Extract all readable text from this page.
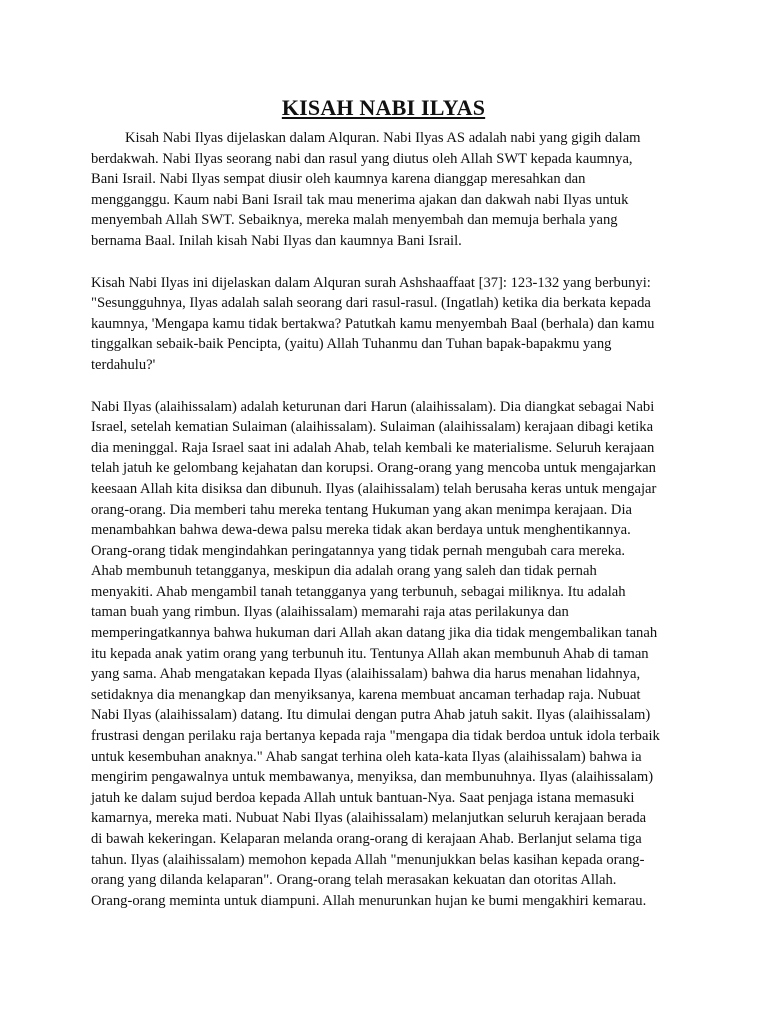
KISAH NABI ILYAS
Kisah Nabi Ilyas dijelaskan dalam Alquran. Nabi Ilyas AS adalah nabi yang gigih dalam
berdakwah. Nabi Ilyas seorang nabi dan rasul yang diutus oleh Allah SWT kepada kaumnya,
Bani Israil. Nabi Ilyas sempat diusir oleh kaumnya karena dianggap meresahkan dan
mengganggu. Kaum nabi Bani Israil tak mau menerima ajakan dan dakwah nabi Ilyas untuk
menyembah Allah SWT. Sebaiknya, mereka malah menyembah dan memuja berhala yang
bernama Baal. Inilah kisah Nabi Ilyas dan kaumnya Bani Israil.
Kisah Nabi Ilyas ini dijelaskan dalam Alquran surah Ashshaaffaat [37]: 123-132 yang berbunyi:
"Sesungguhnya, Ilyas adalah salah seorang dari rasul-rasul. (Ingatlah) ketika dia berkata kepada
kaumnya, 'Mengapa kamu tidak bertakwa? Patutkah kamu menyembah Baal (berhala) dan kamu
tinggalkan sebaik-baik Pencipta, (yaitu) Allah Tuhanmu dan Tuhan bapak-bapakmu yang
terdahulu?'
Nabi Ilyas (alaihissalam) adalah keturunan dari Harun (alaihissalam). Dia diangkat sebagai Nabi
Israel, setelah kematian Sulaiman (alaihissalam). Sulaiman (alaihissalam) kerajaan dibagi ketika
dia meninggal. Raja Israel saat ini adalah Ahab, telah kembali ke materialisme. Seluruh kerajaan
telah jatuh ke gelombang kejahatan dan korupsi. Orang-orang yang mencoba untuk mengajarkan
keesaan Allah kita disiksa dan dibunuh. Ilyas (alaihissalam) telah berusaha keras untuk mengajar
orang-orang. Dia memberi tahu mereka tentang Hukuman yang akan menimpa kerajaan. Dia
menambahkan bahwa dewa-dewa palsu mereka tidak akan berdaya untuk menghentikannya.
Orang-orang tidak mengindahkan peringatannya yang tidak pernah mengubah cara mereka.
Ahab membunuh tetangganya, meskipun dia adalah orang yang saleh dan tidak pernah
menyakiti. Ahab mengambil tanah tetangganya yang terbunuh, sebagai miliknya. Itu adalah
taman buah yang rimbun. Ilyas (alaihissalam) memarahi raja atas perilakunya dan
memperingatkannya bahwa hukuman dari Allah akan datang jika dia tidak mengembalikan tanah
itu kepada anak yatim orang yang terbunuh itu. Tentunya Allah akan membunuh Ahab di taman
yang sama. Ahab mengatakan kepada Ilyas (alaihissalam) bahwa dia harus menahan lidahnya,
setidaknya dia menangkap dan menyiksanya, karena membuat ancaman terhadap raja. Nubuat
Nabi Ilyas (alaihissalam) datang. Itu dimulai dengan putra Ahab jatuh sakit. Ilyas (alaihissalam)
frustrasi dengan perilaku raja bertanya kepada raja "mengapa dia tidak berdoa untuk idola terbaik
untuk kesembuhan anaknya." Ahab sangat terhina oleh kata-kata Ilyas (alaihissalam) bahwa ia
mengirim pengawalnya untuk membawanya, menyiksa, dan membunuhnya. Ilyas (alaihissalam)
jatuh ke dalam sujud berdoa kepada Allah untuk bantuan-Nya. Saat penjaga istana memasuki
kamarnya, mereka mati. Nubuat Nabi Ilyas (alaihissalam) melanjutkan seluruh kerajaan berada
di bawah kekeringan. Kelaparan melanda orang-orang di kerajaan Ahab. Berlanjut selama tiga
tahun. Ilyas (alaihissalam) memohon kepada Allah "menunjukkan belas kasihan kepada orang-
orang yang dilanda kelaparan". Orang-orang telah merasakan kekuatan dan otoritas Allah.
Orang-orang meminta untuk diampuni. Allah menurunkan hujan ke bumi mengakhiri kemarau.
